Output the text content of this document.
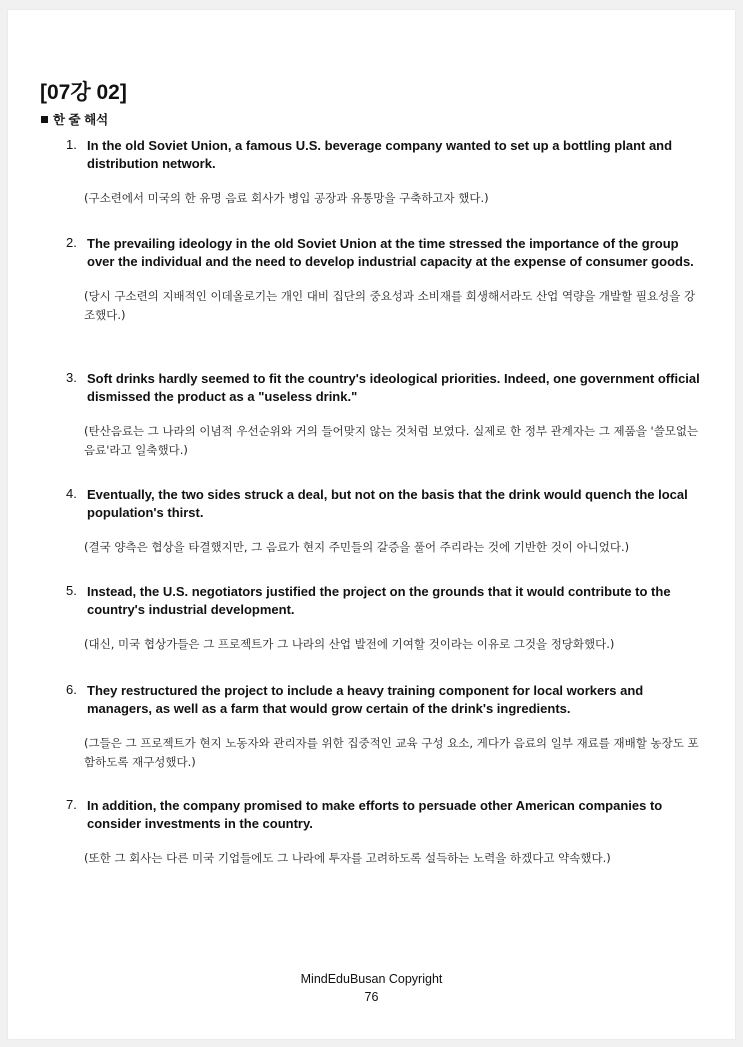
[07강 02]
한 줄 해석
1. In the old Soviet Union, a famous U.S. beverage company wanted to set up a bottling plant and distribution network.

(구소련에서 미국의 한 유명 음료 회사가 병입 공장과 유통망을 구축하고자 했다.)

2. The prevailing ideology in the old Soviet Union at the time stressed the importance of the group over the individual and the need to develop industrial capacity at the expense of consumer goods.

(당시 구소련의 지배적인 이데올로기는 개인 대비 집단의 중요성과 소비재를 희생해서라도 산업 역량을 개발할 필요성을 강조했다.)

3. Soft drinks hardly seemed to fit the country's ideological priorities. Indeed, one government official dismissed the product as a "useless drink."

(탄산음료는 그 나라의 이념적 우선순위와 거의 들어맞지 않는 것처럼 보였다. 실제로 한 정부 관계자는 그 제품을 '쓸모없는 음료'라고 일축했다.)

4. Eventually, the two sides struck a deal, but not on the basis that the drink would quench the local population's thirst.

(결국 양측은 협상을 타결했지만, 그 음료가 현지 주민들의 갈증을 풀어 주리라는 것에 기반한 것이 아니었다.)

5. Instead, the U.S. negotiators justified the project on the grounds that it would contribute to the country's industrial development.

(대신, 미국 협상가들은 그 프로젝트가 그 나라의 산업 발전에 기여할 것이라는 이유로 그것을 정당화했다.)

6. They restructured the project to include a heavy training component for local workers and managers, as well as a farm that would grow certain of the drink's ingredients.

(그들은 그 프로젝트가 현지 노동자와 관리자를 위한 집중적인 교육 구성 요소, 게다가 음료의 일부 재료를 재배할 농장도 포함하도록 재구성했다.)

7. In addition, the company promised to make efforts to persuade other American companies to consider investments in the country.

(또한 그 회사는 다른 미국 기업들에도 그 나라에 투자를 고려하도록 설득하는 노력을 하겠다고 약속했다.)

MindEduBusan Copyright
76
